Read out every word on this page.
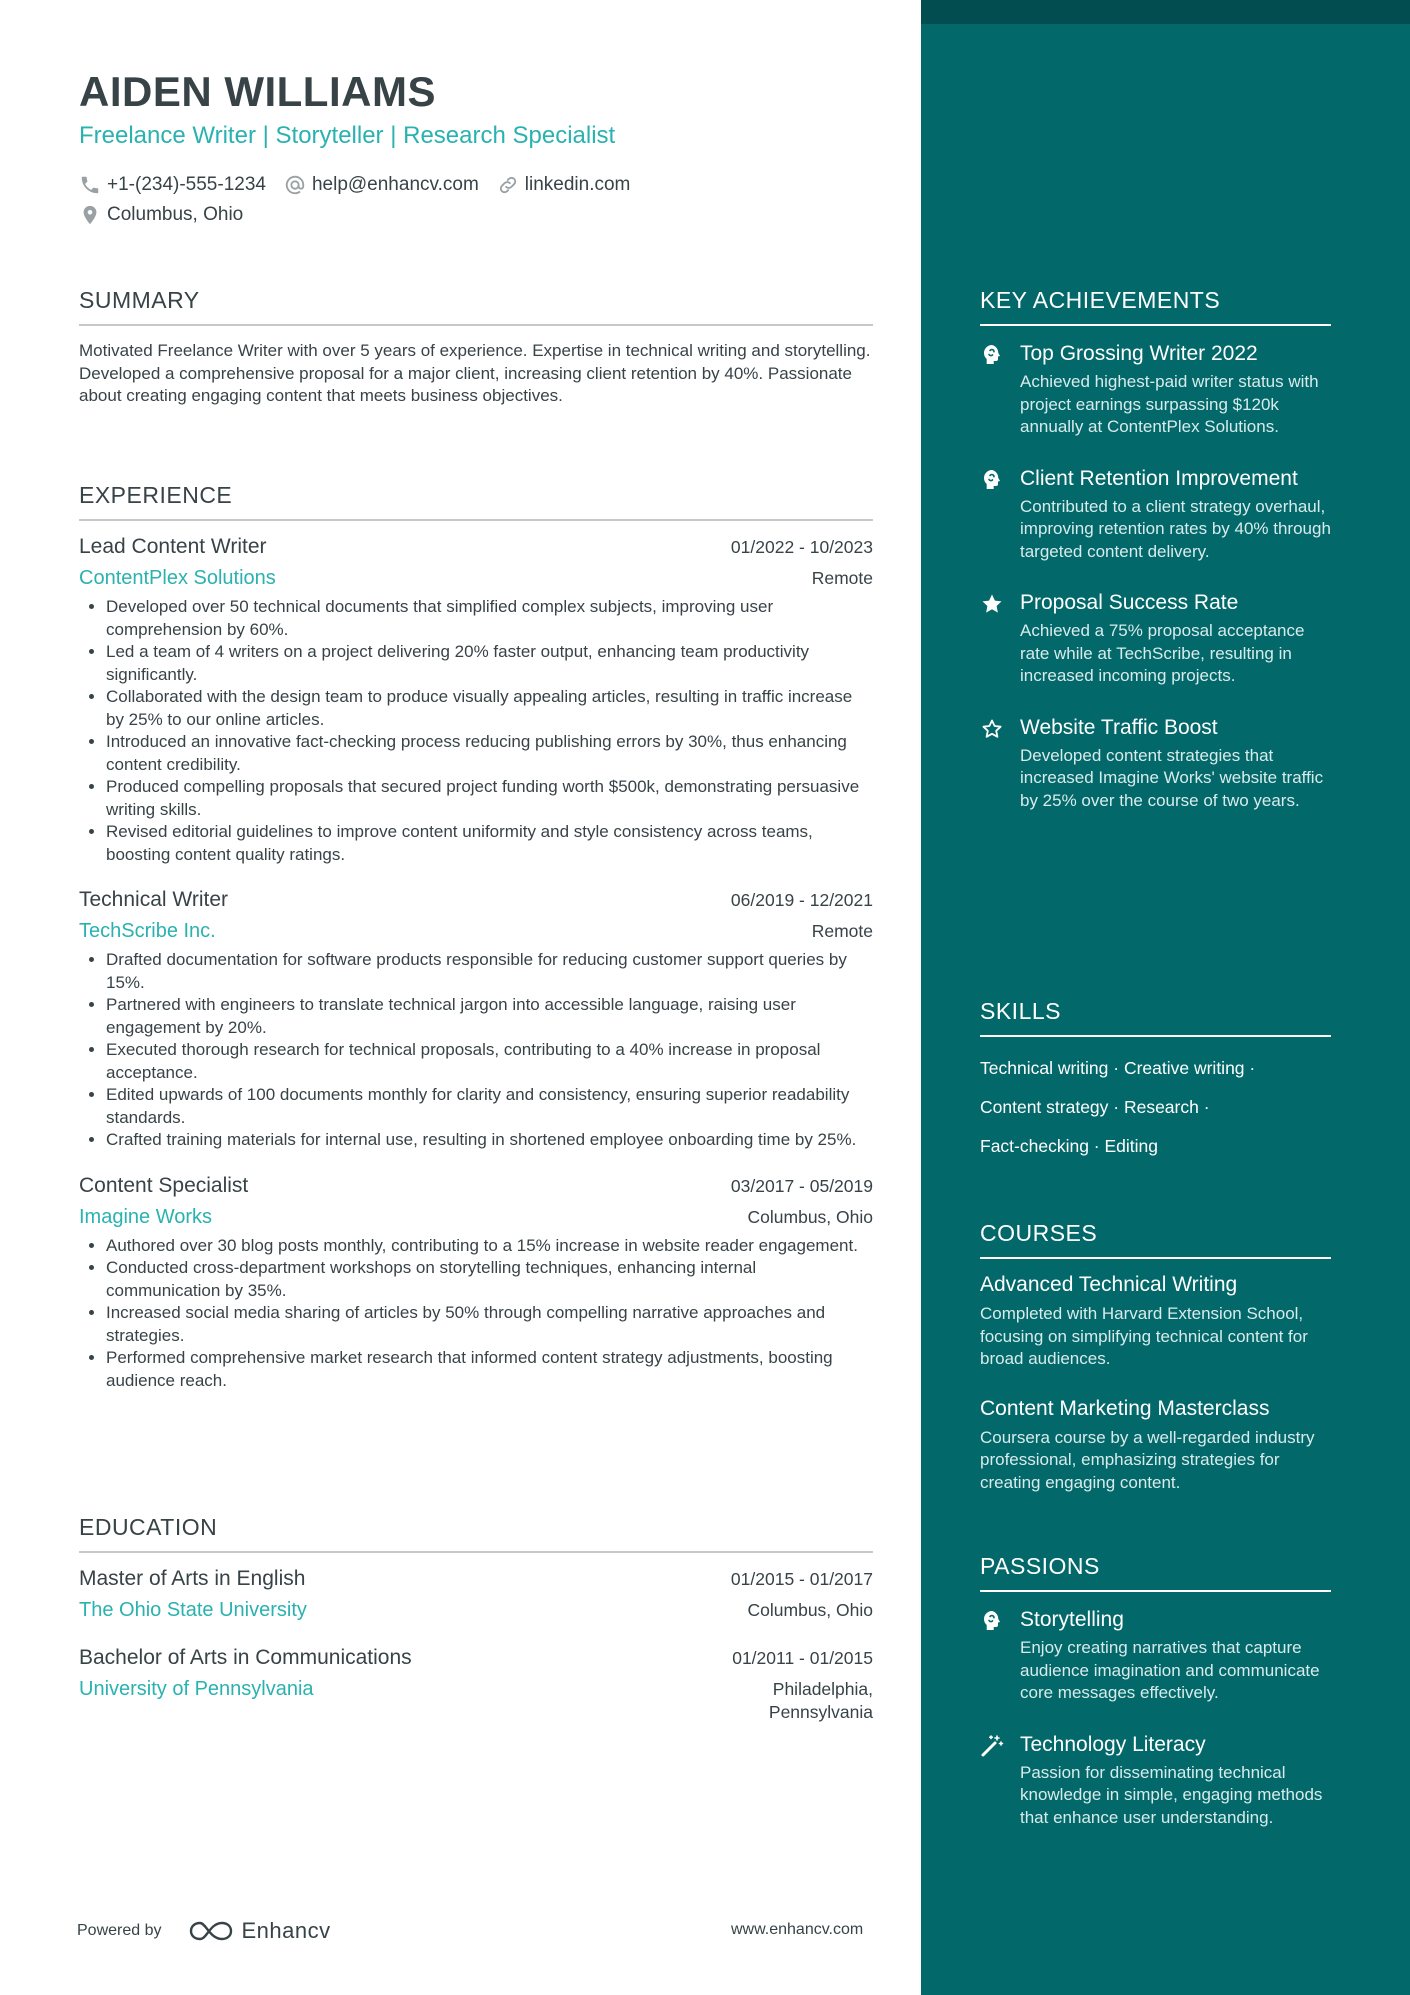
AIDEN WILLIAMS
Freelance Writer | Storyteller | Research Specialist
+1-(234)-555-1234 help@enhancv.com linkedin.com
Columbus, Ohio
SUMMARY
Motivated Freelance Writer with over 5 years of experience. Expertise in technical writing and storytelling. Developed a comprehensive proposal for a major client, increasing client retention by 40%. Passionate about creating engaging content that meets business objectives.
EXPERIENCE
Lead Content Writer	01/2022 - 10/2023
ContentPlex Solutions	Remote
• Developed over 50 technical documents that simplified complex subjects, improving user comprehension by 60%.
• Led a team of 4 writers on a project delivering 20% faster output, enhancing team productivity significantly.
• Collaborated with the design team to produce visually appealing articles, resulting in traffic increase by 25% to our online articles.
• Introduced an innovative fact-checking process reducing publishing errors by 30%, thus enhancing content credibility.
• Produced compelling proposals that secured project funding worth $500k, demonstrating persuasive writing skills.
• Revised editorial guidelines to improve content uniformity and style consistency across teams, boosting content quality ratings.
Technical Writer	06/2019 - 12/2021
TechScribe Inc.	Remote
• Drafted documentation for software products responsible for reducing customer support queries by 15%.
• Partnered with engineers to translate technical jargon into accessible language, raising user engagement by 20%.
• Executed thorough research for technical proposals, contributing to a 40% increase in proposal acceptance.
• Edited upwards of 100 documents monthly for clarity and consistency, ensuring superior readability standards.
• Crafted training materials for internal use, resulting in shortened employee onboarding time by 25%.
Content Specialist	03/2017 - 05/2019
Imagine Works	Columbus, Ohio
• Authored over 30 blog posts monthly, contributing to a 15% increase in website reader engagement.
• Conducted cross-department workshops on storytelling techniques, enhancing internal communication by 35%.
• Increased social media sharing of articles by 50% through compelling narrative approaches and strategies.
• Performed comprehensive market research that informed content strategy adjustments, boosting audience reach.
EDUCATION
Master of Arts in English	01/2015 - 01/2017
The Ohio State University	Columbus, Ohio
Bachelor of Arts in Communications	01/2011 - 01/2015
University of Pennsylvania	Philadelphia,
Pennsylvania
KEY ACHIEVEMENTS
Top Grossing Writer 2022
Achieved highest-paid writer status with project earnings surpassing $120k annually at ContentPlex Solutions.
Client Retention Improvement
Contributed to a client strategy overhaul, improving retention rates by 40% through targeted content delivery.
Proposal Success Rate
Achieved a 75% proposal acceptance rate while at TechScribe, resulting in increased incoming projects.
Website Traffic Boost
Developed content strategies that increased Imagine Works' website traffic by 25% over the course of two years.
SKILLS
Technical writing · Creative writing ·
Content strategy · Research ·
Fact-checking · Editing
COURSES
Advanced Technical Writing
Completed with Harvard Extension School, focusing on simplifying technical content for broad audiences.
Content Marketing Masterclass
Coursera course by a well-regarded industry professional, emphasizing strategies for creating engaging content.
PASSIONS
Storytelling
Enjoy creating narratives that capture audience imagination and communicate core messages effectively.
Technology Literacy
Passion for disseminating technical knowledge in simple, engaging methods that enhance user understanding.
Powered by	Enhancv	www.enhancv.com
